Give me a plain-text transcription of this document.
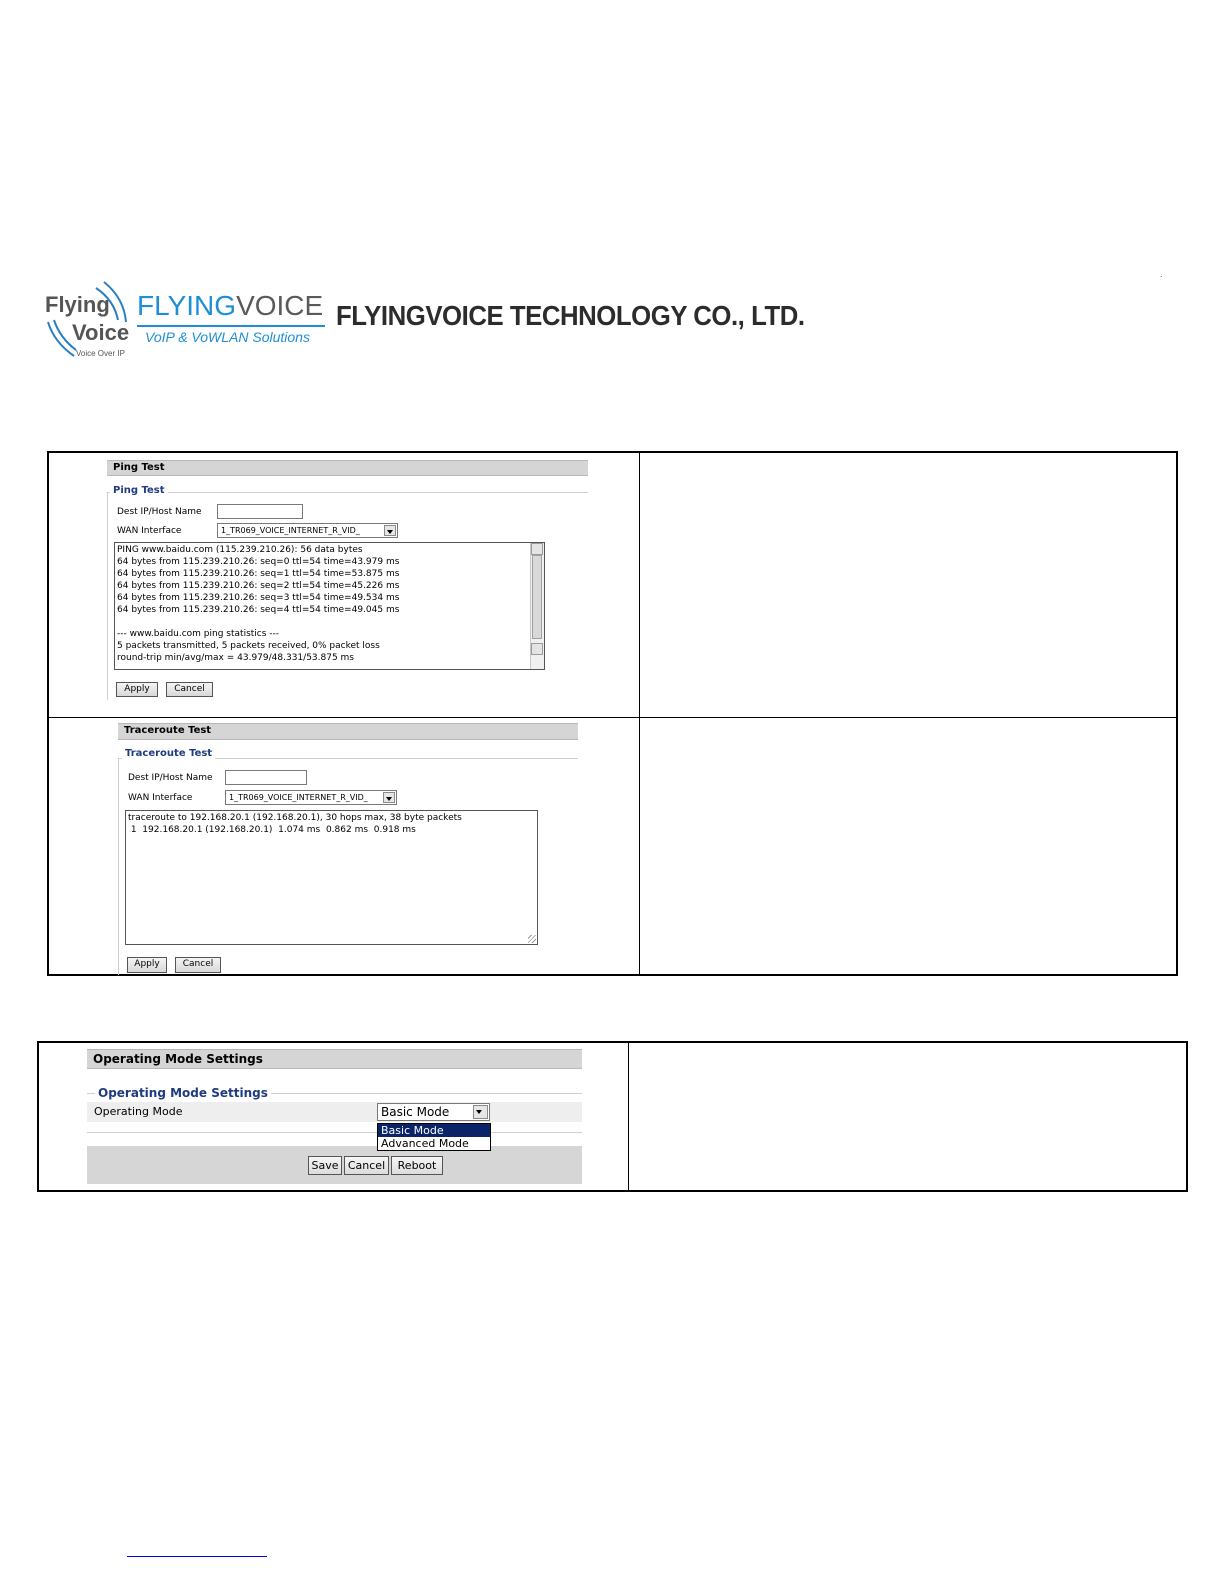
Flying
Voice
Voice Over IP
FLYINGVOICE
VoIP & VoWLAN Solutions
FLYINGVOICE TECHNOLOGY CO., LTD.
.
Ping Test
Ping Test
Dest IP/Host Name
WAN Interface	1_TR069_VOICE_INTERNET_R_VID_
PING www.baidu.com (115.239.210.26): 56 data bytes
64 bytes from 115.239.210.26: seq=0 ttl=54 time=43.979 ms
64 bytes from 115.239.210.26: seq=1 ttl=54 time=53.875 ms
64 bytes from 115.239.210.26: seq=2 ttl=54 time=45.226 ms
64 bytes from 115.239.210.26: seq=3 ttl=54 time=49.534 ms
64 bytes from 115.239.210.26: seq=4 ttl=54 time=49.045 ms

--- www.baidu.com ping statistics ---
5 packets transmitted, 5 packets received, 0% packet loss
round-trip min/avg/max = 43.979/48.331/53.875 ms
Apply	Cancel
Traceroute Test
Traceroute Test
Dest IP/Host Name
WAN Interface	1_TR069_VOICE_INTERNET_R_VID_
traceroute to 192.168.20.1 (192.168.20.1), 30 hops max, 38 byte packets
1  192.168.20.1 (192.168.20.1)  1.074 ms  0.862 ms  0.918 ms
Apply	Cancel
Operating Mode Settings
Operating Mode Settings
Operating Mode	Basic Mode
Basic Mode
Advanced Mode
Save Cancel	Reboot
